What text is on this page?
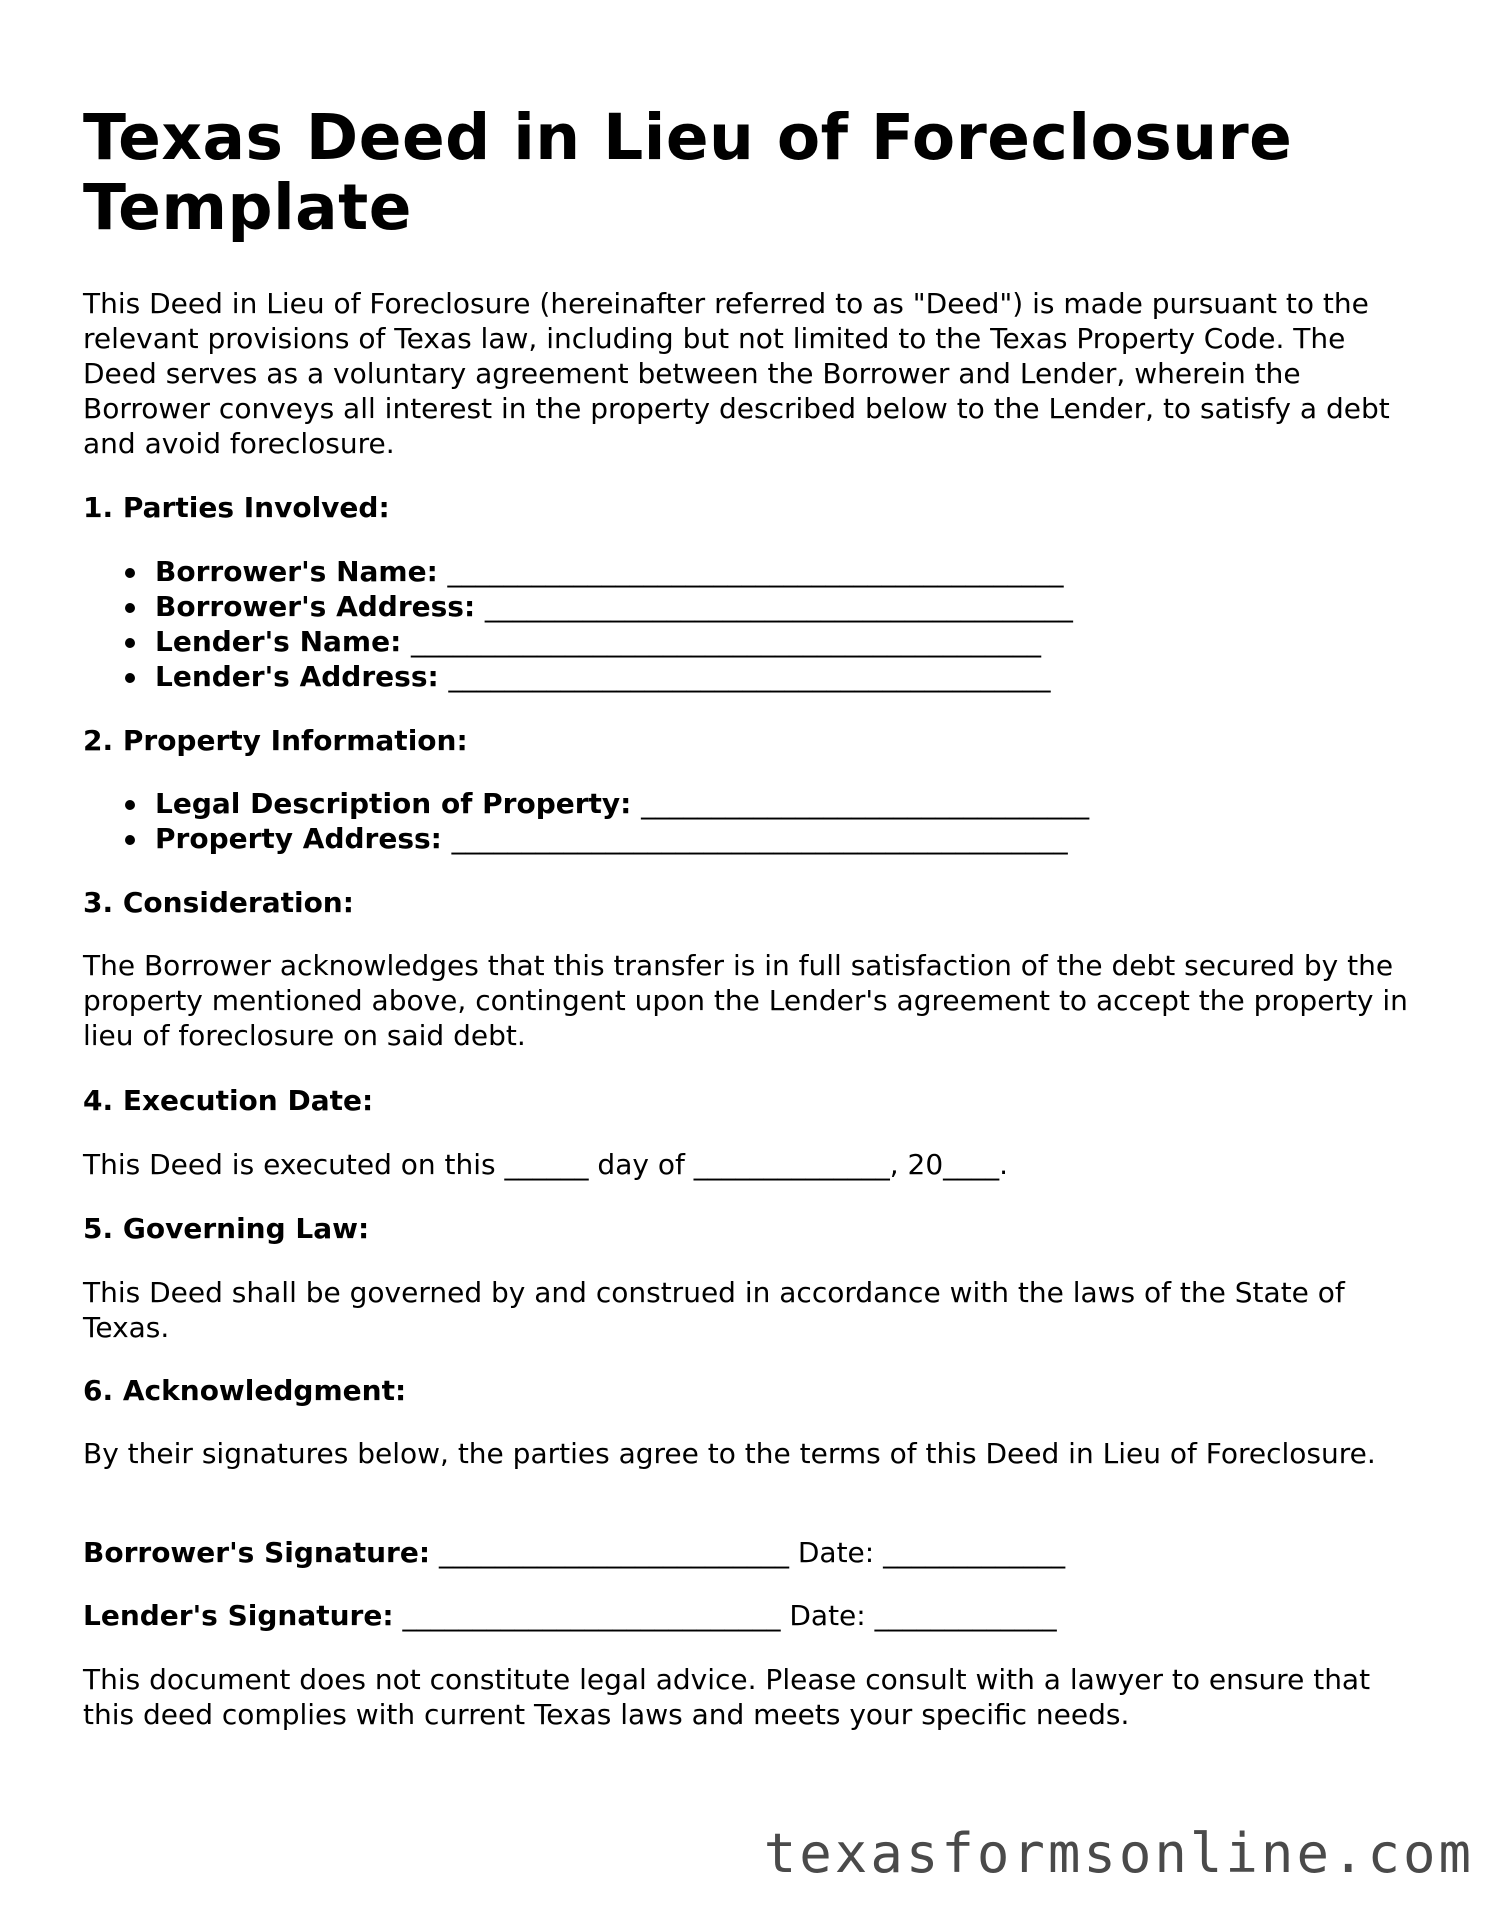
Texas Deed in Lieu of Foreclosure Template
This Deed in Lieu of Foreclosure (hereinafter referred to as "Deed") is made pursuant to the relevant provisions of Texas law, including but not limited to the Texas Property Code. The Deed serves as a voluntary agreement between the Borrower and Lender, wherein the Borrower conveys all interest in the property described below to the Lender, to satisfy a debt and avoid foreclosure.
1. Parties Involved:
Borrower's Name: ____________________________________________
Borrower's Address: __________________________________________
Lender's Name: _____________________________________________
Lender's Address: ___________________________________________
2. Property Information:
Legal Description of Property: ________________________________
Property Address: ____________________________________________
3. Consideration:
The Borrower acknowledges that this transfer is in full satisfaction of the debt secured by the property mentioned above, contingent upon the Lender's agreement to accept the property in lieu of foreclosure on said debt.
4. Execution Date:
This Deed is executed on this ______ day of ______________, 20____.
5. Governing Law:
This Deed shall be governed by and construed in accordance with the laws of the State of Texas.
6. Acknowledgment:
By their signatures below, the parties agree to the terms of this Deed in Lieu of Foreclosure.
Borrower's Signature: _________________________ Date: _____________
Lender's Signature: ___________________________ Date: _____________
This document does not constitute legal advice. Please consult with a lawyer to ensure that this deed complies with current Texas laws and meets your specific needs.
texasformsonline.com
